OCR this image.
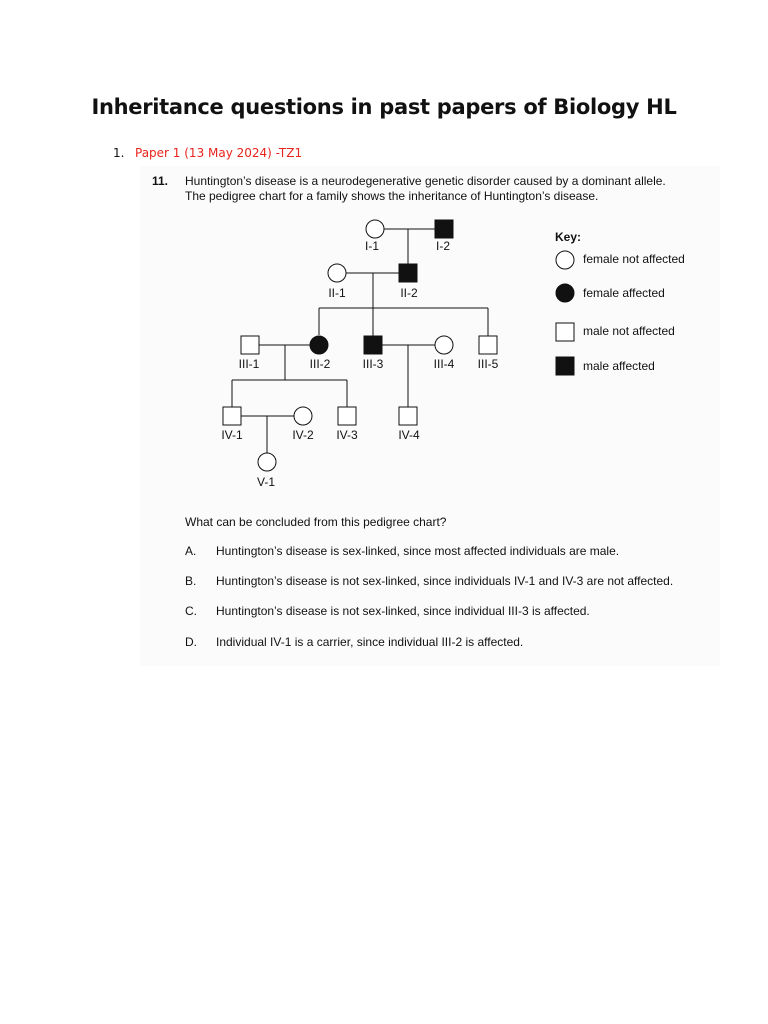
Inheritance questions in past papers of Biology HL
1. Paper 1 (13 May 2024) -TZ1
11. Huntington’s disease is a neurodegenerative genetic disorder caused by a dominant allele.
The pedigree chart for a family shows the inheritance of Huntington’s disease.
I-1	I-2
II-1	II-2
III-1	III-2	III-3	III-4 III-5
IV-1	IV-2 IV-3	IV-4
V-1
Key:
female not affected
female affected
male not affected
male affected
What can be concluded from this pedigree chart?
A. Huntington’s disease is sex-linked, since most affected individuals are male.
B. Huntington’s disease is not sex-linked, since individuals IV-1 and IV-3 are not affected.
C. Huntington’s disease is not sex-linked, since individual III-3 is affected.
D. Individual IV-1 is a carrier, since individual III-2 is affected.
